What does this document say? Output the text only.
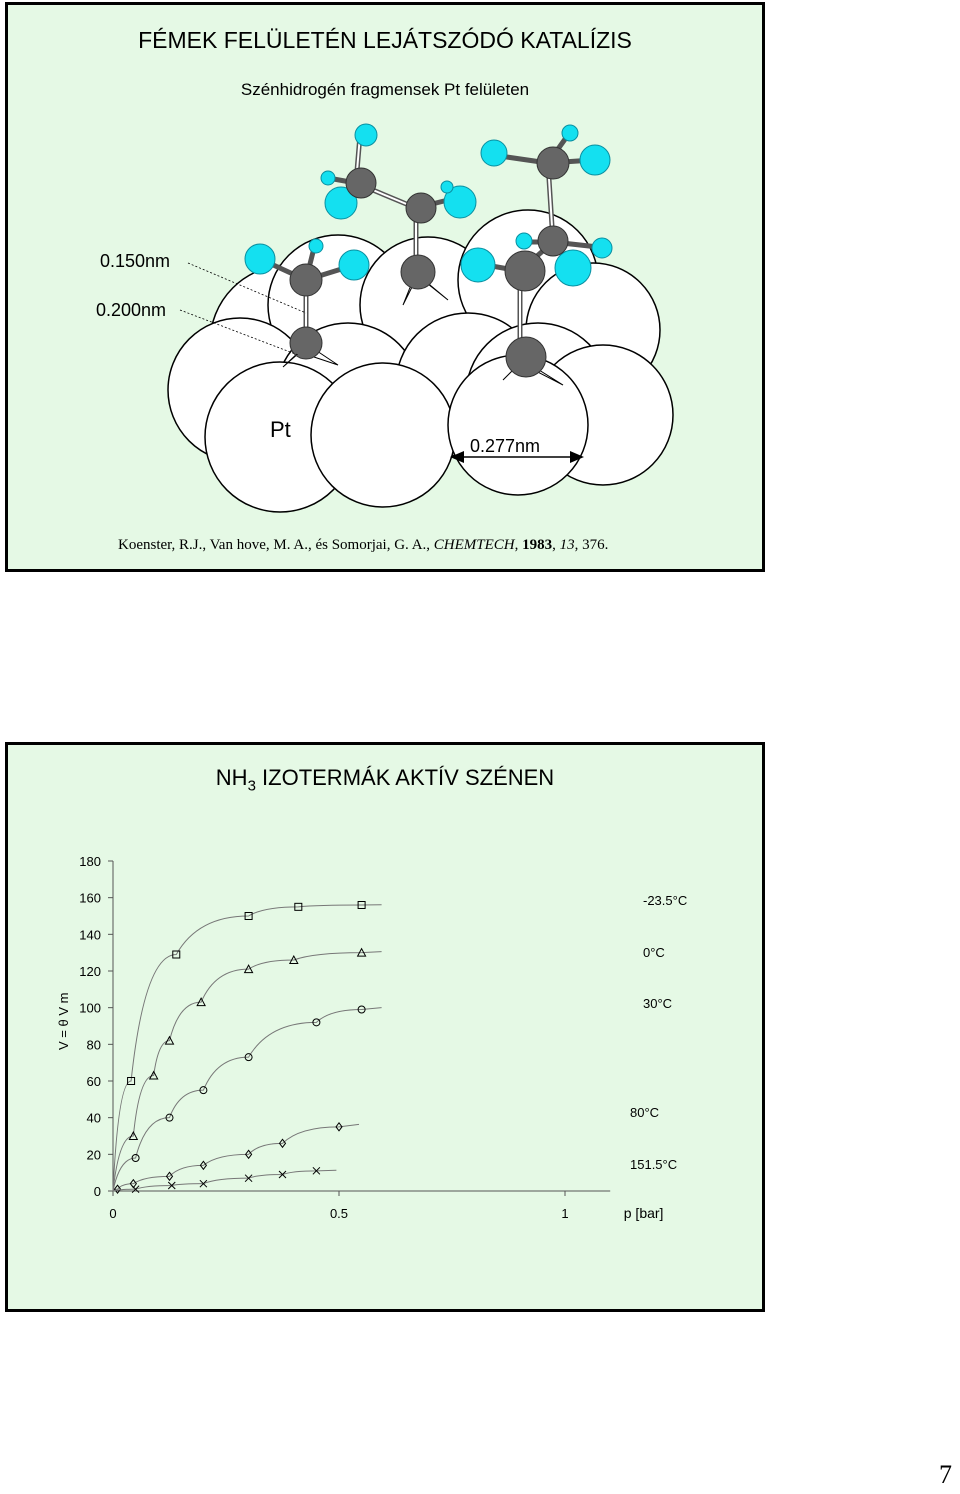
FÉMEK FELÜLETÉN LEJÁTSZÓDÓ KATALÍZIS
Szénhidrogén fragmensek Pt felületen
Pt
0.150nm
0.200nm
0.277nm
Koenster, R.J., Van hove, M. A., és Somorjai, G. A., CHEMTECH, 1983, 13, 376.
$NH_3$ IZOTERMÁK AKTÍV SZÉNEN
0
20
40
60
80
100
120
140
160
180
0	0.5	1
V = θ V m
p [bar]
-23.5°C
0°C
30°C
80°C
151.5°C
7
